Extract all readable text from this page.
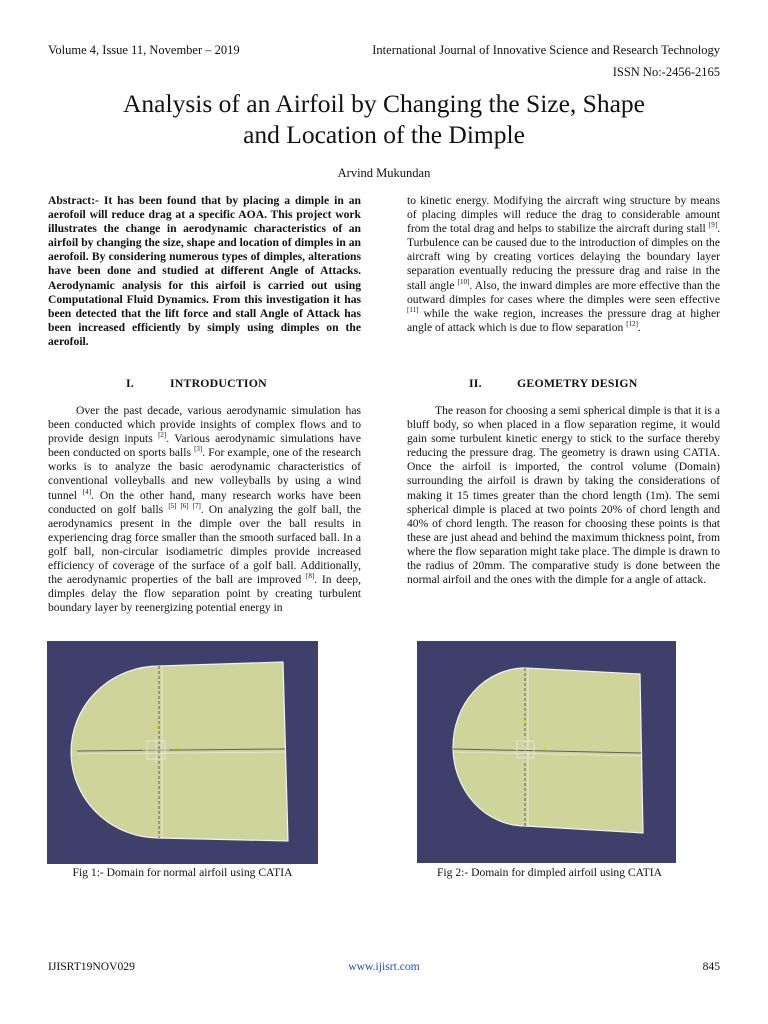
Volume 4, Issue 11, November – 2019	International Journal of Innovative Science and Research Technology
ISSN No:-2456-2165
Analysis of an Airfoil by Changing the Size, Shape
and Location of the Dimple
Arvind Mukundan

Abstract:- It has been found that by placing a dimple in an aerofoil will reduce drag at a specific AOA. This project work illustrates the change in aerodynamic characteristics of an airfoil by changing the size, shape and location of dimples in an aerofoil. By considering numerous types of dimples, alterations have been done and studied at different Angle of Attacks. Aerodynamic analysis for this airfoil is carried out using Computational Fluid Dynamics. From this investigation it has been detected that the lift force and stall Angle of Attack has been increased efficiently by simply using dimples on the aerofoil.

I.	INTRODUCTION

Over the past decade, various aerodynamic simulation has been conducted which provide insights of complex flows and to provide design inputs [2]. Various aerodynamic simulations have been conducted on sports balls [3]. For example, one of the research works is to analyze the basic aerodynamic characteristics of conventional volleyballs and new volleyballs by using a wind tunnel [4]. On the other hand, many research works have been conducted on golf balls [5] [6] [7]. On analyzing the golf ball, the aerodynamics present in the dimple over the ball results in experiencing drag force smaller than the smooth surfaced ball. In a golf ball, non-circular isodiametric dimples provide increased efficiency of coverage of the surface of a golf ball. Additionally, the aerodynamic properties of the ball are improved [8]. In deep, dimples delay the flow separation point by creating turbulent boundary layer by reenergizing potential energy in

to kinetic energy. Modifying the aircraft wing structure by means of placing dimples will reduce the drag to considerable amount from the total drag and helps to stabilize the aircraft during stall [9]. Turbulence can be caused due to the introduction of dimples on the aircraft wing by creating vortices delaying the boundary layer separation eventually reducing the pressure drag and raise in the stall angle [10]. Also, the inward dimples are more effective than the outward dimples for cases where the dimples were seen effective [11] while the wake region, increases the pressure drag at higher angle of attack which is due to flow separation [12].

II.	GEOMETRY DESIGN

The reason for choosing a semi spherical dimple is that it is a bluff body, so when placed in a flow separation regime, it would gain some turbulent kinetic energy to stick to the surface thereby reducing the pressure drag. The geometry is drawn using CATIA. Once the airfoil is imported, the control volume (Domain) surrounding the airfoil is drawn by taking the considerations of making it 15 times greater than the chord length (1m). The semi spherical dimple is placed at two points 20% of chord length and 40% of chord length. The reason for choosing these points is that these are just ahead and behind the maximum thickness point, from where the flow separation might take place. The dimple is drawn to the radius of 20mm. The comparative study is done between the normal airfoil and the ones with the dimple for a angle of attack.

Fig 1:- Domain for normal airfoil using CATIA	Fig 2:- Domain for dimpled airfoil using CATIA
IJISRT19NOV029	www.ijisrt.com	845
